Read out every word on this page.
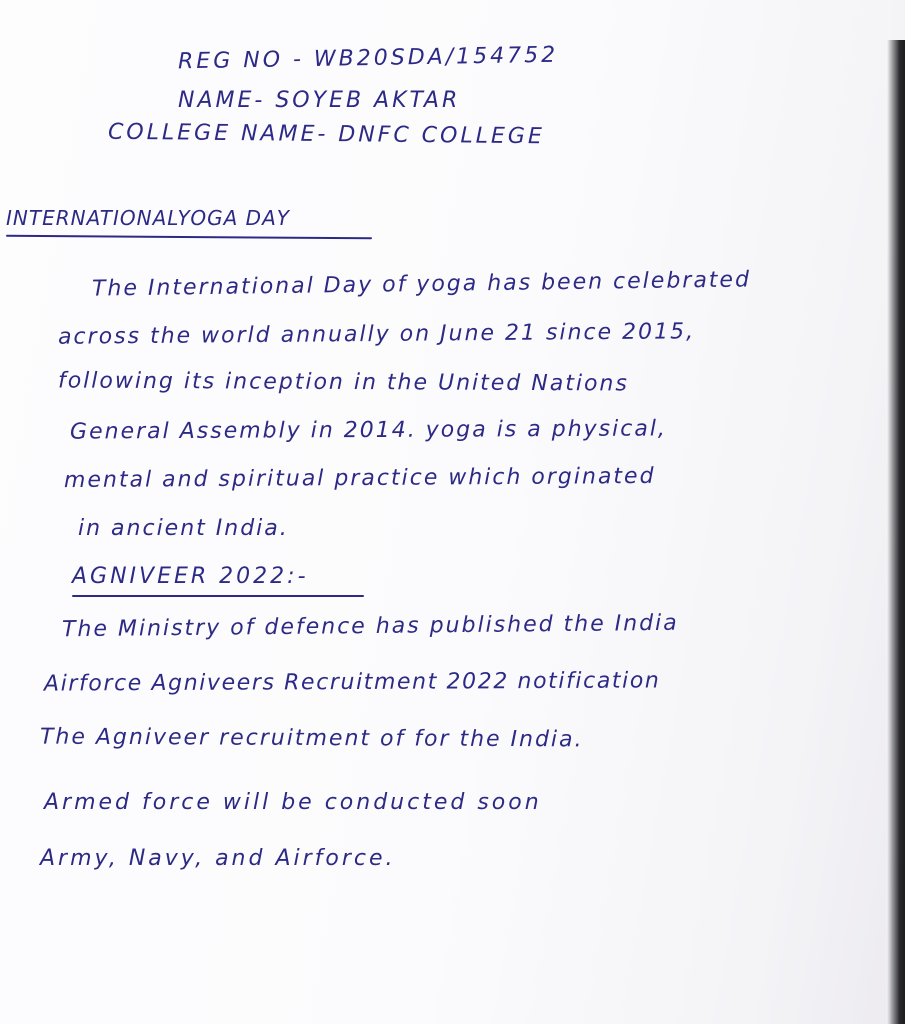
REG NO - WB20SDA/154752
NAME- SOYEB AKTAR
COLLEGE NAME- DNFC COLLEGE
INTERNATIONALYOGA DAY
The International Day of yoga has been celebrated
across the world annually on June 21 since 2015,
following its inception in the United Nations
General Assembly in 2014. yoga is a physical,
mental and spiritual practice which orginated
in ancient India.
AGNIVEER 2022:-
The Ministry of defence has published the India
Airforce Agniveers Recruitment 2022 notification
The Agniveer recruitment of for the India.
Armed force will be conducted soon
Army, Navy, and Airforce.
